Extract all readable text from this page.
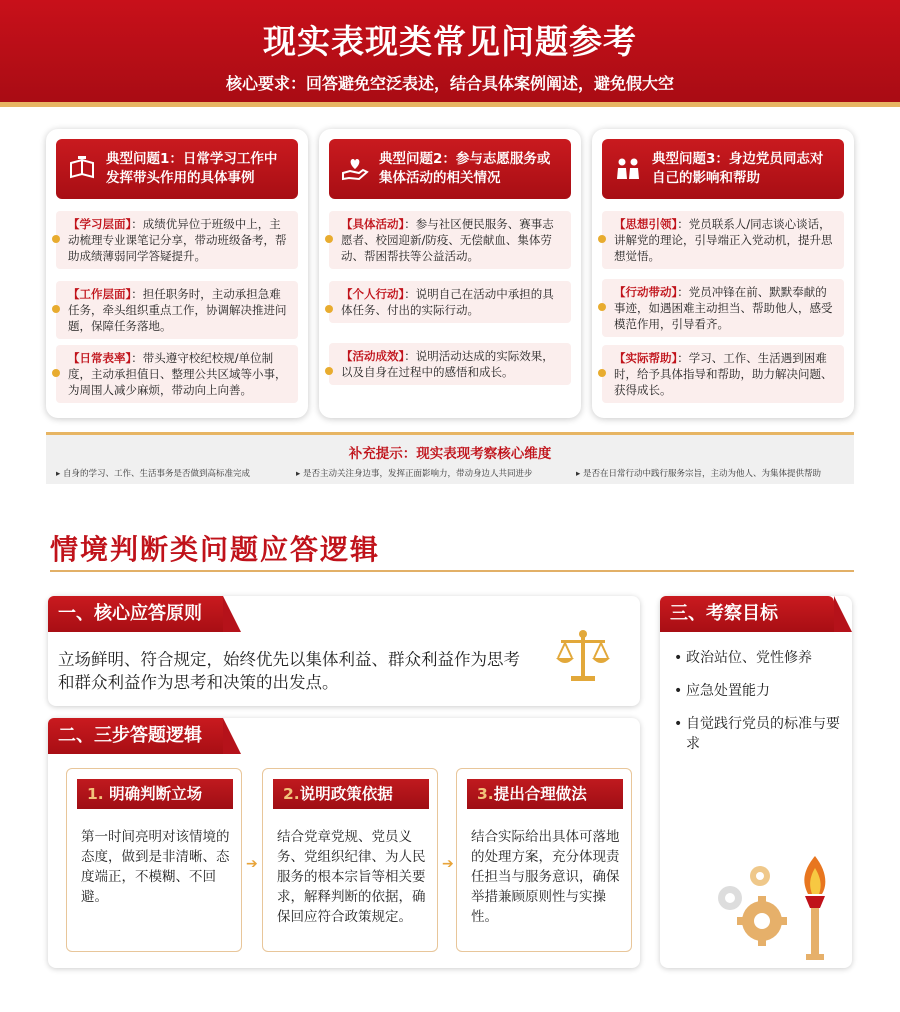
现实表现类常见问题参考
核心要求：回答避免空泛表述，结合具体案例阐述，避免假大空
典型问题1：日常学习工作中发挥带头作用的具体事例
【学习层面】：成绩优异位于班级中上，主动梳理专业课笔记分享，带动班级备考，帮助成绩薄弱同学答疑提升。
【工作层面】：担任职务时，主动承担急难任务，牵头组织重点工作，协调解决推进问题，保障任务落地。
【日常表率】：带头遵守校纪校规/单位制度，主动承担值日、整理公共区域等小事，为周围人减少麻烦，带动向上向善。
典型问题2：参与志愿服务或集体活动的相关情况
【具体活动】：参与社区便民服务、赛事志愿者、校园迎新/防疫、无偿献血、集体劳动、帮困帮扶等公益活动。
【个人行动】：说明自己在活动中承担的具体任务、付出的实际行动。
【活动成效】：说明活动达成的实际效果，以及自身在过程中的感悟和成长。
典型问题3：身边党员同志对自己的影响和帮助
【思想引领】：党员联系人/同志谈心谈话，讲解党的理论，引导端正入党动机，提升思想觉悟。
【行动带动】：党员冲锋在前、默默奉献的事迹，如遇困难主动担当、帮助他人，感受模范作用，引导看齐。
【实际帮助】：学习、工作、生活遇到困难时，给予具体指导和帮助，助力解决问题、获得成长。
补充提示：现实表现考察核心维度
▸ 自身的学习、工作、生活事务是否做到高标准完成	▸ 是否主动关注身边事，发挥正面影响力，带动身边人共同进步	▸ 是否在日常行动中践行服务宗旨，主动为他人、为集体提供帮助
情境判断类问题应答逻辑
一、核心应答原则
立场鲜明、符合规定，始终优先以集体利益、群众利益作为思考和群众利益作为思考和决策的出发点。
二、三步答题逻辑
1. 明确判断立场
第一时间亮明对该情境的态度，做到是非清晰、态度端正，不模糊、不回避。
➔
2.说明政策依据
结合党章党规、党员义务、党组织纪律、为人民服务的根本宗旨等相关要求，解释判断的依据，确保回应符合政策规定。
➔
3.提出合理做法
结合实际给出具体可落地的处理方案，充分体现责任担当与服务意识，确保举措兼顾原则性与实操性。
三、考察目标
• 政治站位、党性修养
• 应急处置能力
• 自觉践行党员的标准与要求
